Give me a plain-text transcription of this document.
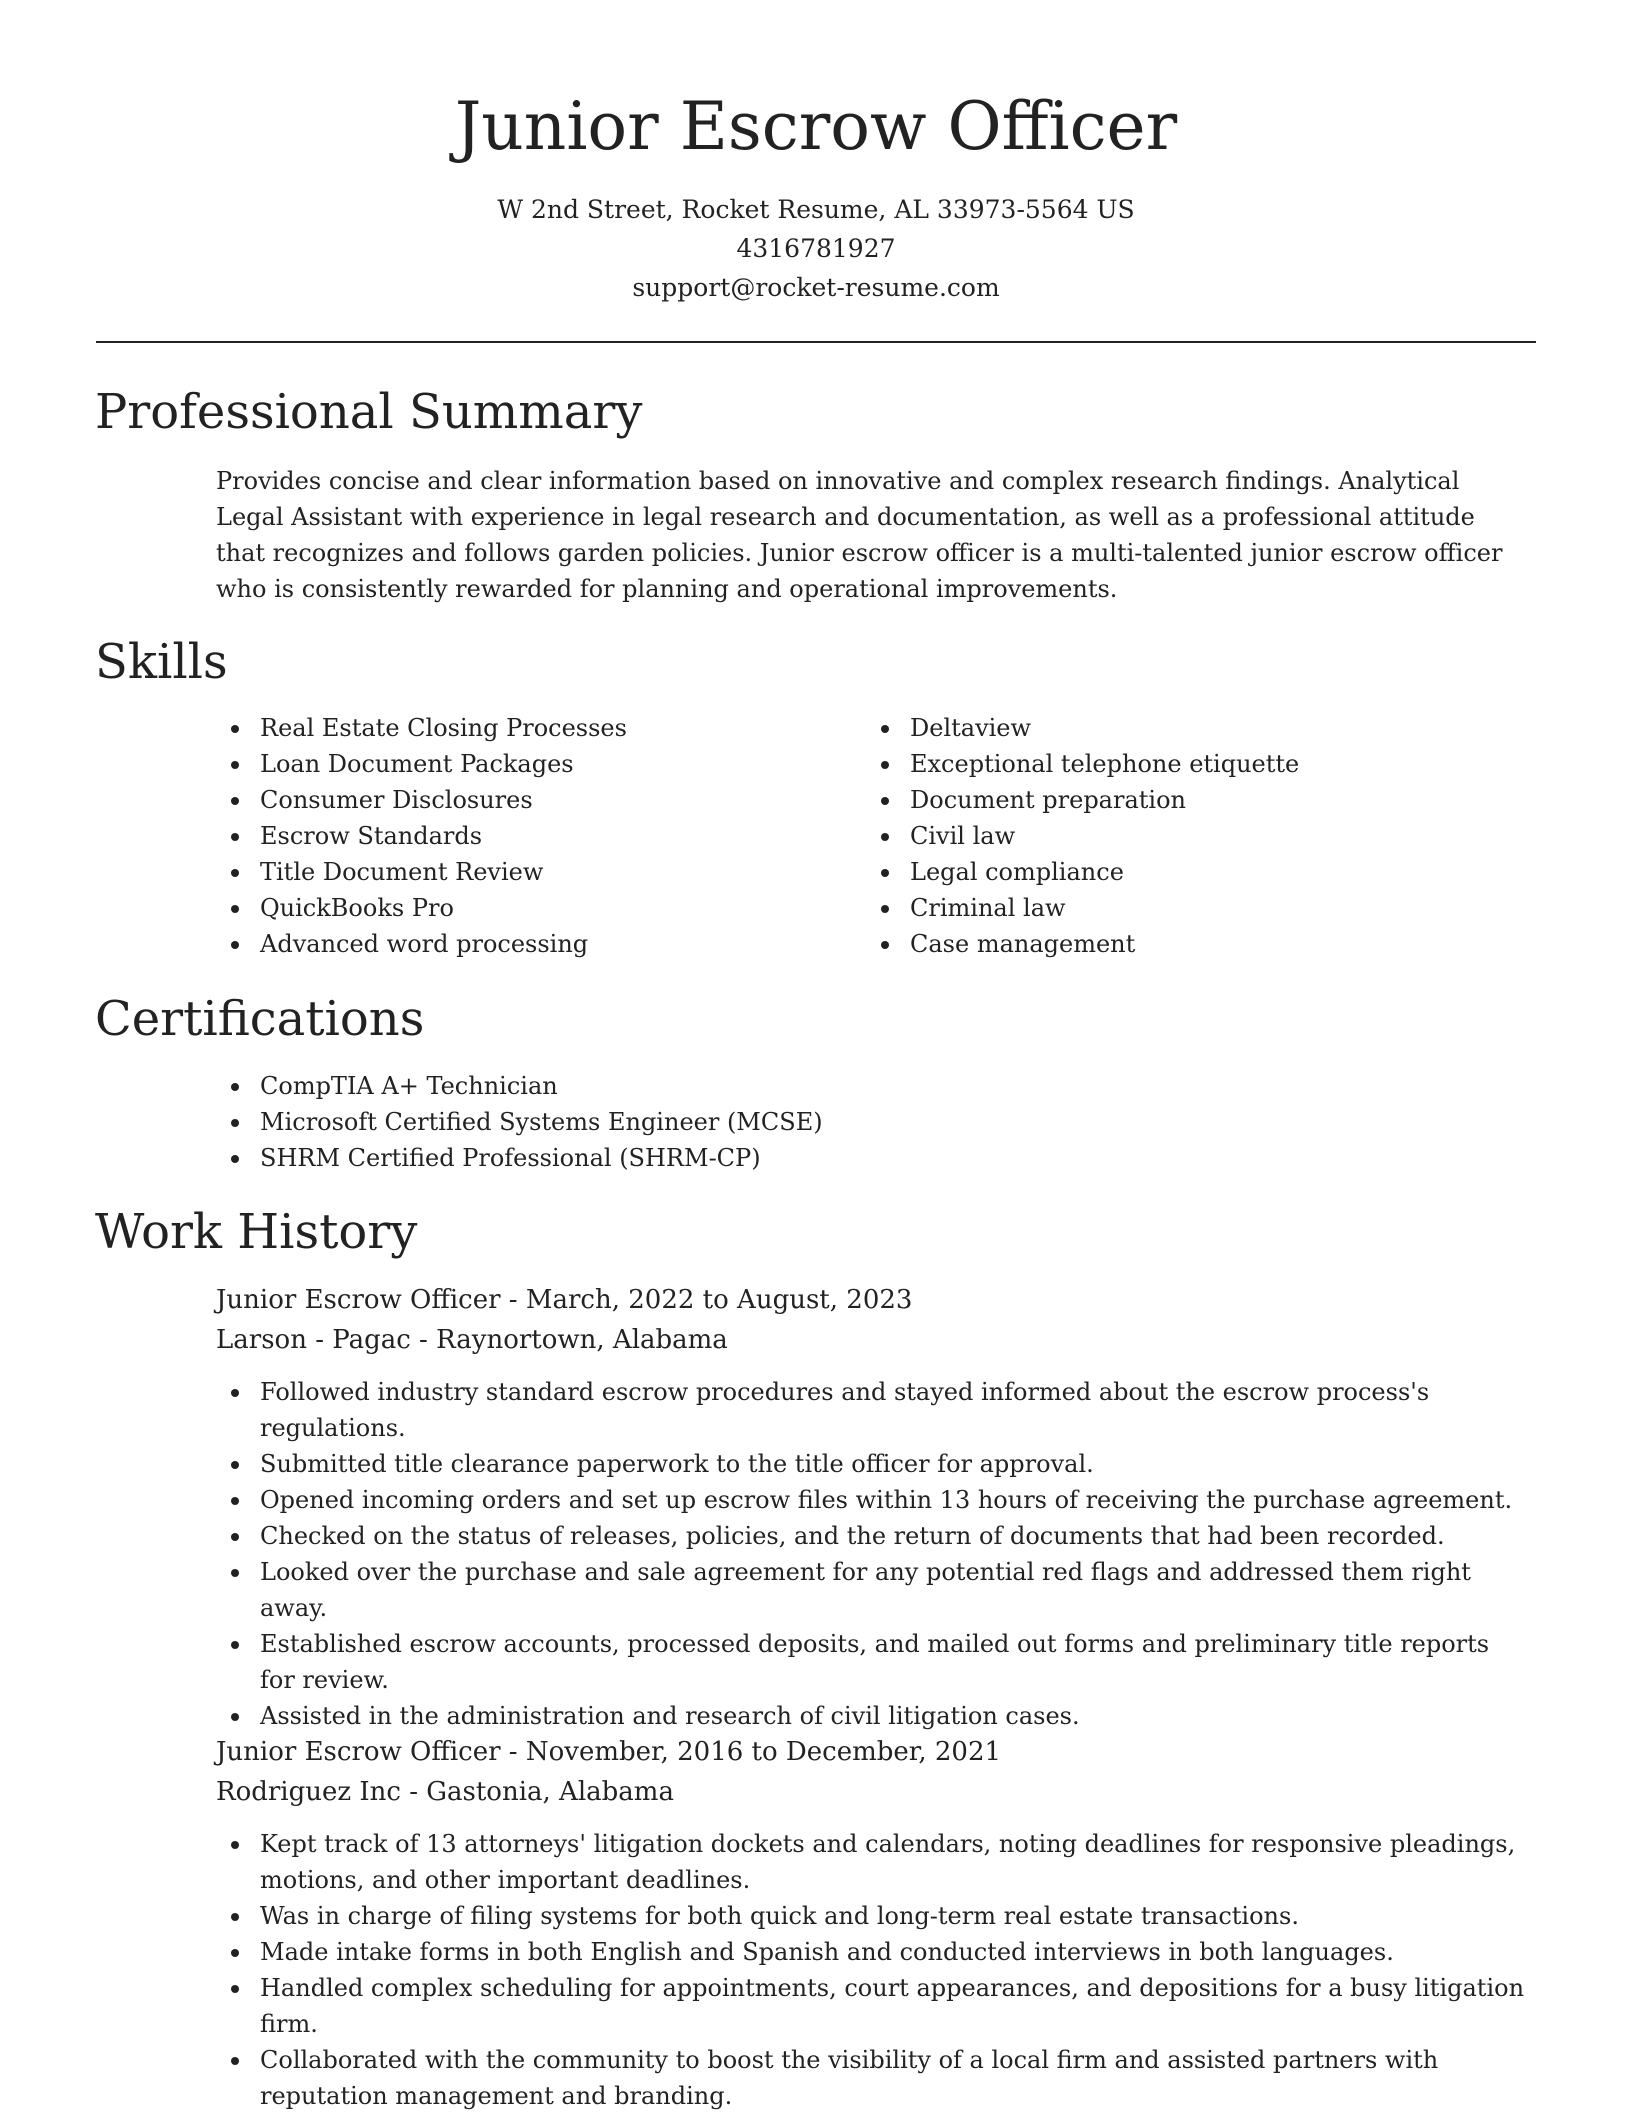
Junior Escrow Officer
W 2nd Street, Rocket Resume, AL 33973-5564 US
4316781927
support@rocket-resume.com
Professional Summary

Provides concise and clear information based on innovative and complex research findings. Analytical Legal Assistant with experience in legal research and documentation, as well as a professional attitude that recognizes and follows garden policies. Junior escrow officer is a multi-talented junior escrow officer who is consistently rewarded for planning and operational improvements.

Skills
Real Estate Closing Processes
Loan Document Packages
Consumer Disclosures
Escrow Standards
Title Document Review
QuickBooks Pro
Advanced word processing
Deltaview
Exceptional telephone etiquette
Document preparation
Civil law
Legal compliance
Criminal law
Case management
Certifications
CompTIA A+ Technician
Microsoft Certified Systems Engineer (MCSE)
SHRM Certified Professional (SHRM-CP)
Work History
Junior Escrow Officer - March, 2022 to August, 2023
Larson - Pagac - Raynortown, Alabama
Followed industry standard escrow procedures and stayed informed about the escrow process's regulations.
Submitted title clearance paperwork to the title officer for approval.
Opened incoming orders and set up escrow files within 13 hours of receiving the purchase agreement.
Checked on the status of releases, policies, and the return of documents that had been recorded.
Looked over the purchase and sale agreement for any potential red flags and addressed them right away.
Established escrow accounts, processed deposits, and mailed out forms and preliminary title reports for review.
Assisted in the administration and research of civil litigation cases.
Junior Escrow Officer - November, 2016 to December, 2021
Rodriguez Inc - Gastonia, Alabama
Kept track of 13 attorneys' litigation dockets and calendars, noting deadlines for responsive pleadings, motions, and other important deadlines.
Was in charge of filing systems for both quick and long-term real estate transactions.
Made intake forms in both English and Spanish and conducted interviews in both languages.
Handled complex scheduling for appointments, court appearances, and depositions for a busy litigation firm.
Collaborated with the community to boost the visibility of a local firm and assisted partners with reputation management and branding.
